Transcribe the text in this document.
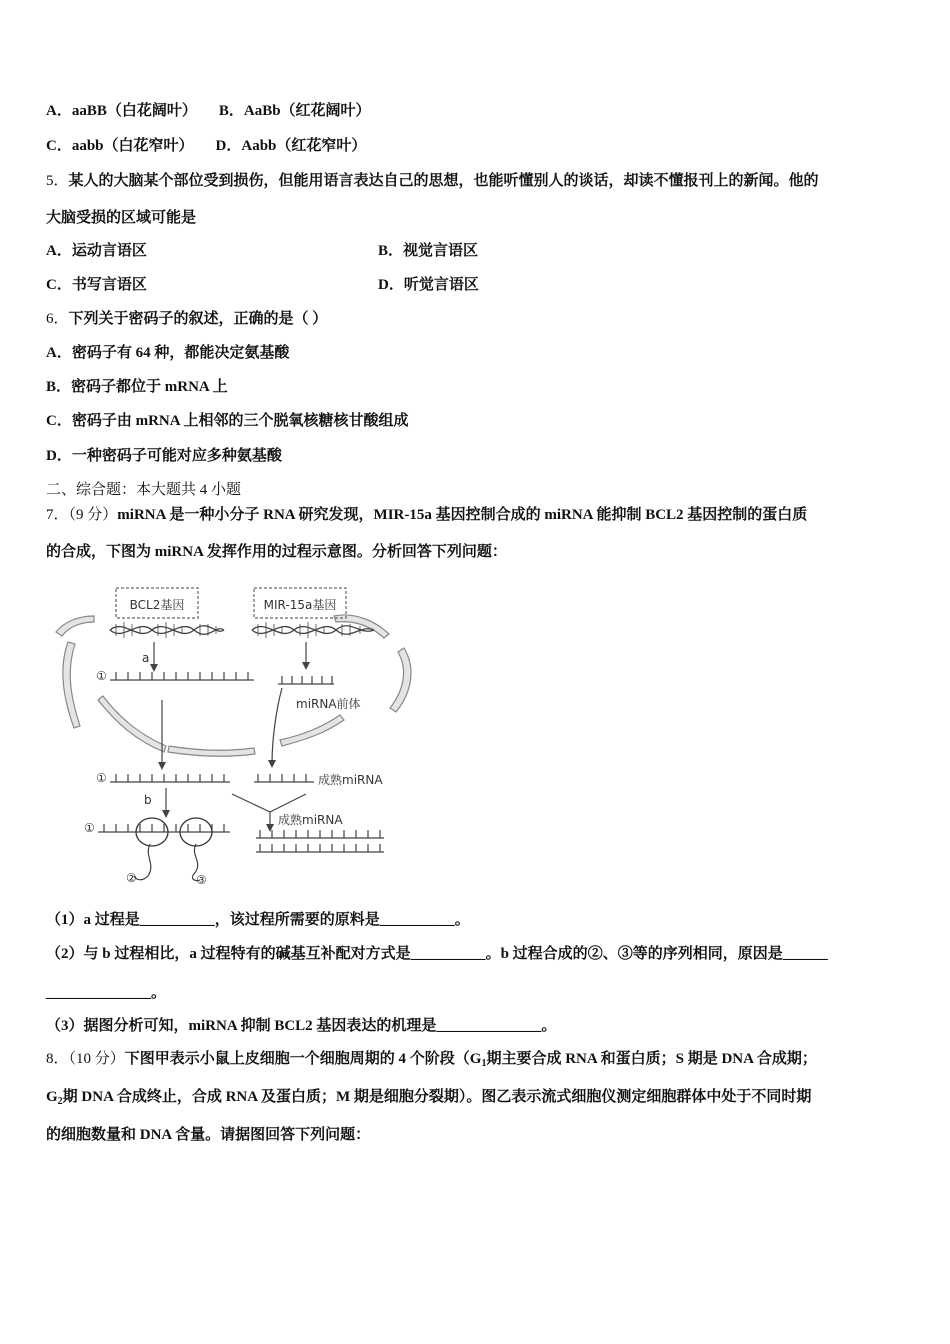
A．aaBB（白花阔叶） B．AaBb（红花阔叶）
C．aabb（白花窄叶） D．Aabb（红花窄叶）
5．某人的大脑某个部位受到损伤，但能用语言表达自己的思想，也能听懂别人的谈话，却读不懂报刊上的新闻。他的
大脑受损的区域可能是
A．运动言语区	B．视觉言语区
C．书写言语区	D．听觉言语区
6．下列关于密码子的叙述，正确的是（ ）
A．密码子有 64 种，都能决定氨基酸
B．密码子都位于 mRNA 上
C．密码子由 mRNA 上相邻的三个脱氧核糖核甘酸组成
D．一种密码子可能对应多种氨基酸
二、综合题：本大题共 4 小题
7．（9 分）miRNA 是一种小分子 RNA 研究发现，MIR-15a 基因控制合成的 miRNA 能抑制 BCL2 基因控制的蛋白质
的合成，下图为 miRNA 发挥作用的过程示意图。分析回答下列问题：
BCL2基因	MIR-15a基因
a
①
miRNA前体
①	成熟miRNA
b
成熟miRNA
①
②	③
（1）a 过程是__________，该过程所需要的原料是__________。
（2）与 b 过程相比，a 过程特有的碱基互补配对方式是__________。b 过程合成的②、③等的序列相同，原因是______
______________。
（3）据图分析可知，miRNA 抑制 BCL2 基因表达的机理是______________。
8．（10 分）下图甲表示小鼠上皮细胞一个细胞周期的 4 个阶段（$G_1$期主要合成 RNA 和蛋白质；S 期是 DNA 合成期；
$G_2$期 DNA 合成终止，合成 RNA 及蛋白质；M 期是细胞分裂期）。图乙表示流式细胞仪测定细胞群体中处于不同时期
的细胞数量和 DNA 含量。请据图回答下列问题：
